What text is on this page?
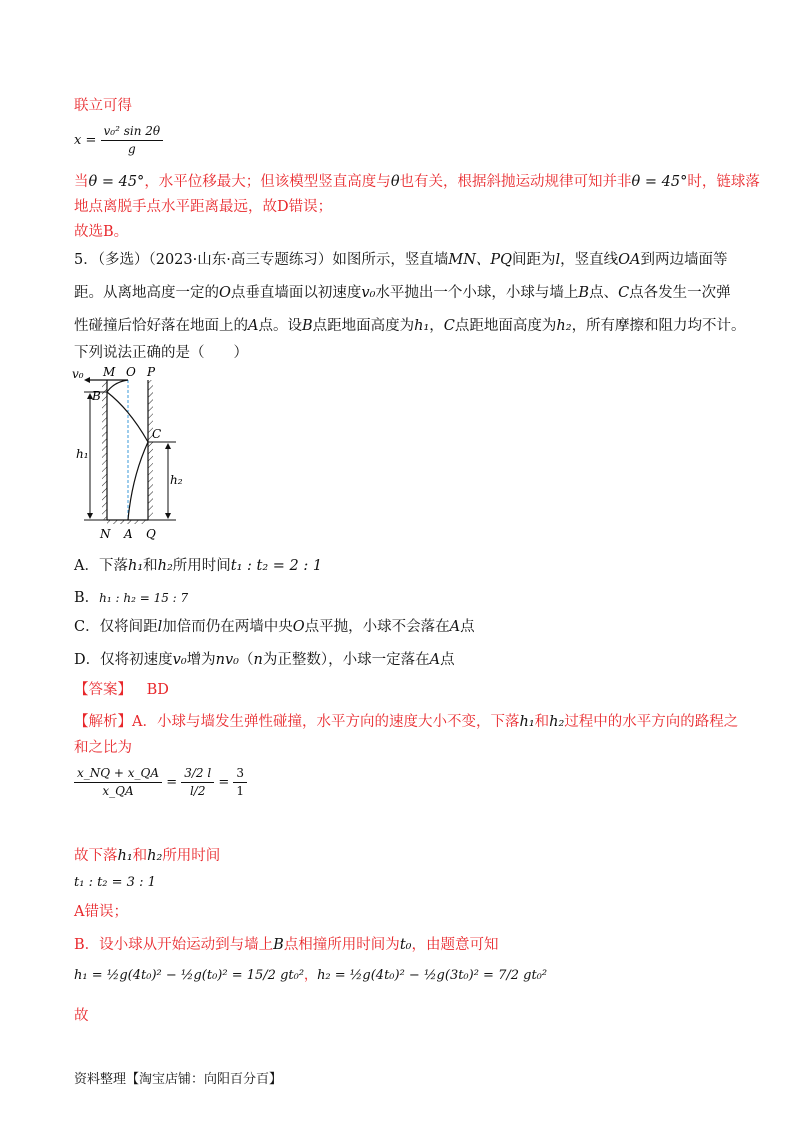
联立可得
$x = \frac{\text{v₀² sin 2θ}}{g}$
当θ = 45°，水平位移最大；但该模型竖直高度与θ也有关，根据斜抛运动规律可知并非θ = 45°时，链球落
地点离脱手点水平距离最远，故D错误；
故选B。
5．（多选）（2023·山东·高三专题练习）如图所示，竖直墙MN、PQ间距为l，竖直线OA到两边墙面等
距。从离地高度一定的O点垂直墙面以初速度v₀水平抛出一个小球，小球与墙上B点、C点各发生一次弹
性碰撞后恰好落在地面上的A点。设B点距地面高度为h₁，C点距地面高度为h₂，所有摩擦和阻力均不计。
下列说法正确的是（　　）
v₀ M O P
B
C
h₁
h₂
N A Q
A．下落h₁和h₂所用时间t₁ : t₂ = 2 : 1
B．h₁ : h₂ = 15 : 7
C．仅将间距l加倍而仍在两墙中央O点平抛，小球不会落在A点
D．仅将初速度v₀增为nv₀（n为正整数），小球一定落在A点
【答案】 BD
【解析】A．小球与墙发生弹性碰撞，水平方向的速度大小不变，下落h₁和h₂过程中的水平方向的路程之
和之比为
$\frac{x\_NQ + x\_QA}{x\_QA} = \frac{3/2 l}{l/2} = \frac{3}{1}$
故下落h₁和h₂所用时间
t₁ : t₂ = 3 : 1
A错误；
B．设小球从开始运动到与墙上B点相撞所用时间为t₀，由题意可知
h₁ = ½g(4t₀)² − ½g(t₀)² = 15/2 gt₀²，h₂ = ½g(4t₀)² − ½g(3t₀)² = 7/2 gt₀²
故
资料整理【淘宝店铺：向阳百分百】
